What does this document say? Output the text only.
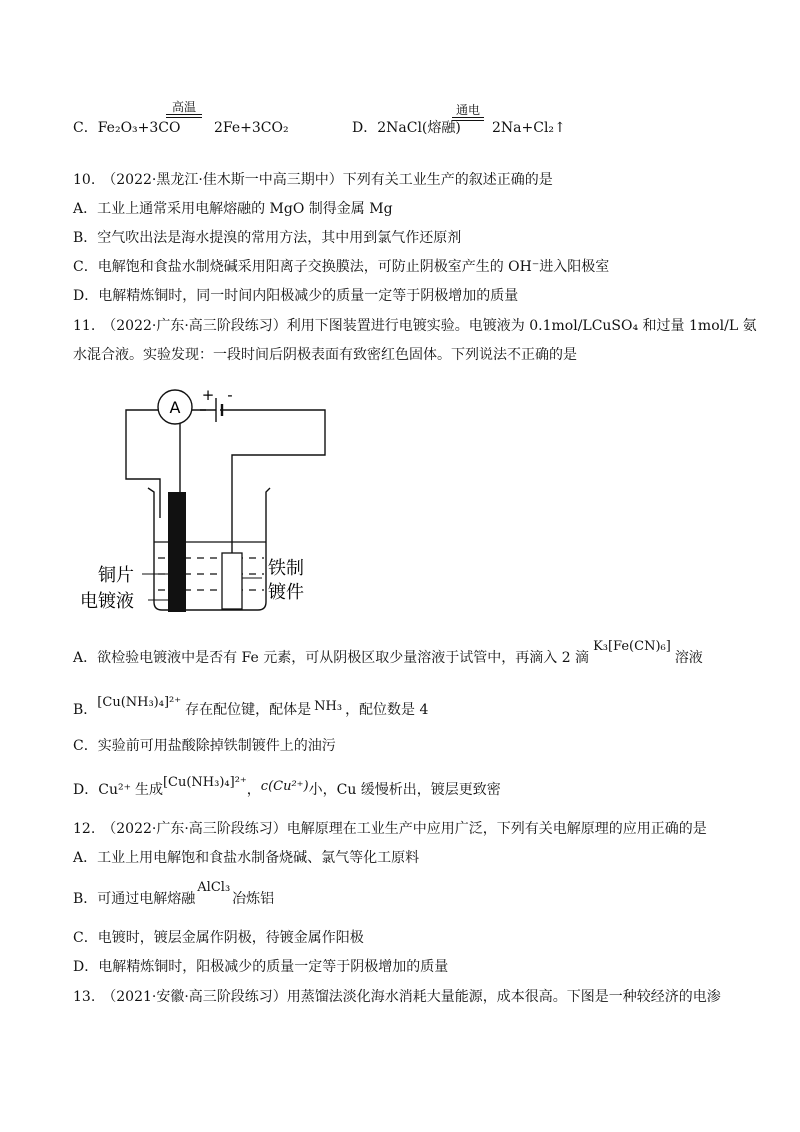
C．Fe₂O₃+3CO
高温
2Fe+3CO₂	D．2NaCl(熔融)
通电
2Na+Cl₂↑
10.　（2022·黑龙江·佳木斯一中高三期中）下列有关工业生产的叙述正确的是
A．工业上通常采用电解熔融的 MgO 制得金属 Mg
B．空气吹出法是海水提溴的常用方法，其中用到氯气作还原剂
C．电解饱和食盐水制烧碱采用阳离子交换膜法，可防止阴极室产生的 OH⁻进入阳极室
D．电解精炼铜时，同一时间内阳极减少的质量一定等于阴极增加的质量
11.　（2022·广东·高三阶段练习）利用下图装置进行电镀实验。电镀液为 0.1mol/LCuSO₄ 和过量 1mol/L 氨
水混合液。实验发现：一段时间后阴极表面有致密红色固体。下列说法不正确的是
A
+ -
铜片
电镀液
铁制
镀件
A．欲检验电镀液中是否有 Fe 元素，可从阴极区取少量溶液于试管中，再滴入 2 滴K₃[Fe(CN)₆]溶液
B．[Cu(NH₃)₄]²⁺ 存在配位键，配体是 NH₃ ，配位数是 4
C．实验前可用盐酸除掉铁制镀件上的油污
D．Cu²⁺ 生成[Cu(NH₃)₄]²⁺，c(Cu²⁺)小，Cu 缓慢析出，镀层更致密
12.　（2022·广东·高三阶段练习）电解原理在工业生产中应用广泛，下列有关电解原理的应用正确的是
A．工业上用电解饱和食盐水制备烧碱、氯气等化工原料
B．可通过电解熔融AlCl₃冶炼铝
C．电镀时，镀层金属作阴极，待镀金属作阳极
D．电解精炼铜时，阳极减少的质量一定等于阴极增加的质量
13.　（2021·安徽·高三阶段练习）用蒸馏法淡化海水消耗大量能源，成本很高。下图是一种较经济的电渗
